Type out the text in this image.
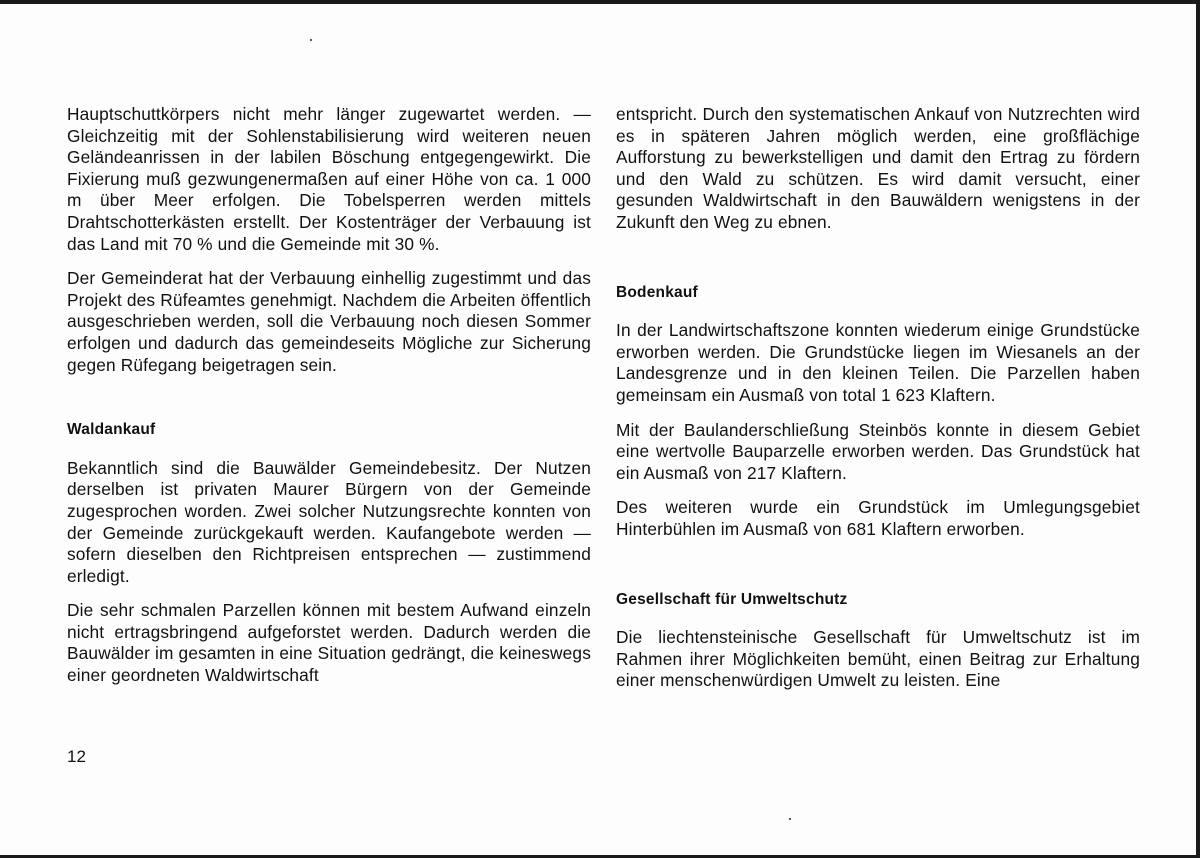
Hauptschuttkörpers nicht mehr länger zugewartet werden. — Gleichzeitig mit der Sohlenstabilisierung wird weiteren neuen Geländeanrissen in der labilen Böschung entgegengewirkt. Die Fixierung muß gezwungenermaßen auf einer Höhe von ca. 1 000 m über Meer erfolgen. Die Tobelsperren werden mittels Drahtschotterkästen erstellt. Der Kostenträger der Verbauung ist das Land mit 70 % und die Gemeinde mit 30 %.

Der Gemeinderat hat der Verbauung einhellig zugestimmt und das Projekt des Rüfeamtes genehmigt. Nachdem die Arbeiten öffentlich ausgeschrieben werden, soll die Verbauung noch diesen Sommer erfolgen und dadurch das gemeindeseits Mögliche zur Sicherung gegen Rüfegang beigetragen sein.

Waldankauf

Bekanntlich sind die Bauwälder Gemeindebesitz. Der Nutzen derselben ist privaten Maurer Bürgern von der Gemeinde zugesprochen worden. Zwei solcher Nutzungsrechte konnten von der Gemeinde zurückgekauft werden. Kaufangebote werden — sofern dieselben den Richtpreisen entsprechen — zustimmend erledigt.

Die sehr schmalen Parzellen können mit bestem Aufwand einzeln nicht ertragsbringend aufgeforstet werden. Dadurch werden die Bauwälder im gesamten in eine Situation gedrängt, die keineswegs einer geordneten Waldwirtschaft

entspricht. Durch den systematischen Ankauf von Nutzrechten wird es in späteren Jahren möglich werden, eine großflächige Aufforstung zu bewerkstelligen und damit den Ertrag zu fördern und den Wald zu schützen. Es wird damit versucht, einer gesunden Waldwirtschaft in den Bauwäldern wenigstens in der Zukunft den Weg zu ebnen.

Bodenkauf

In der Landwirtschaftszone konnten wiederum einige Grundstücke erworben werden. Die Grundstücke liegen im Wiesanels an der Landesgrenze und in den kleinen Teilen. Die Parzellen haben gemeinsam ein Ausmaß von total 1 623 Klaftern.

Mit der Baulanderschließung Steinbös konnte in diesem Gebiet eine wertvolle Bauparzelle erworben werden. Das Grundstück hat ein Ausmaß von 217 Klaftern.

Des weiteren wurde ein Grundstück im Umlegungsgebiet Hinterbühlen im Ausmaß von 681 Klaftern erworben.

Gesellschaft für Umweltschutz

Die liechtensteinische Gesellschaft für Umweltschutz ist im Rahmen ihrer Möglichkeiten bemüht, einen Beitrag zur Erhaltung einer menschenwürdigen Umwelt zu leisten. Eine

12
